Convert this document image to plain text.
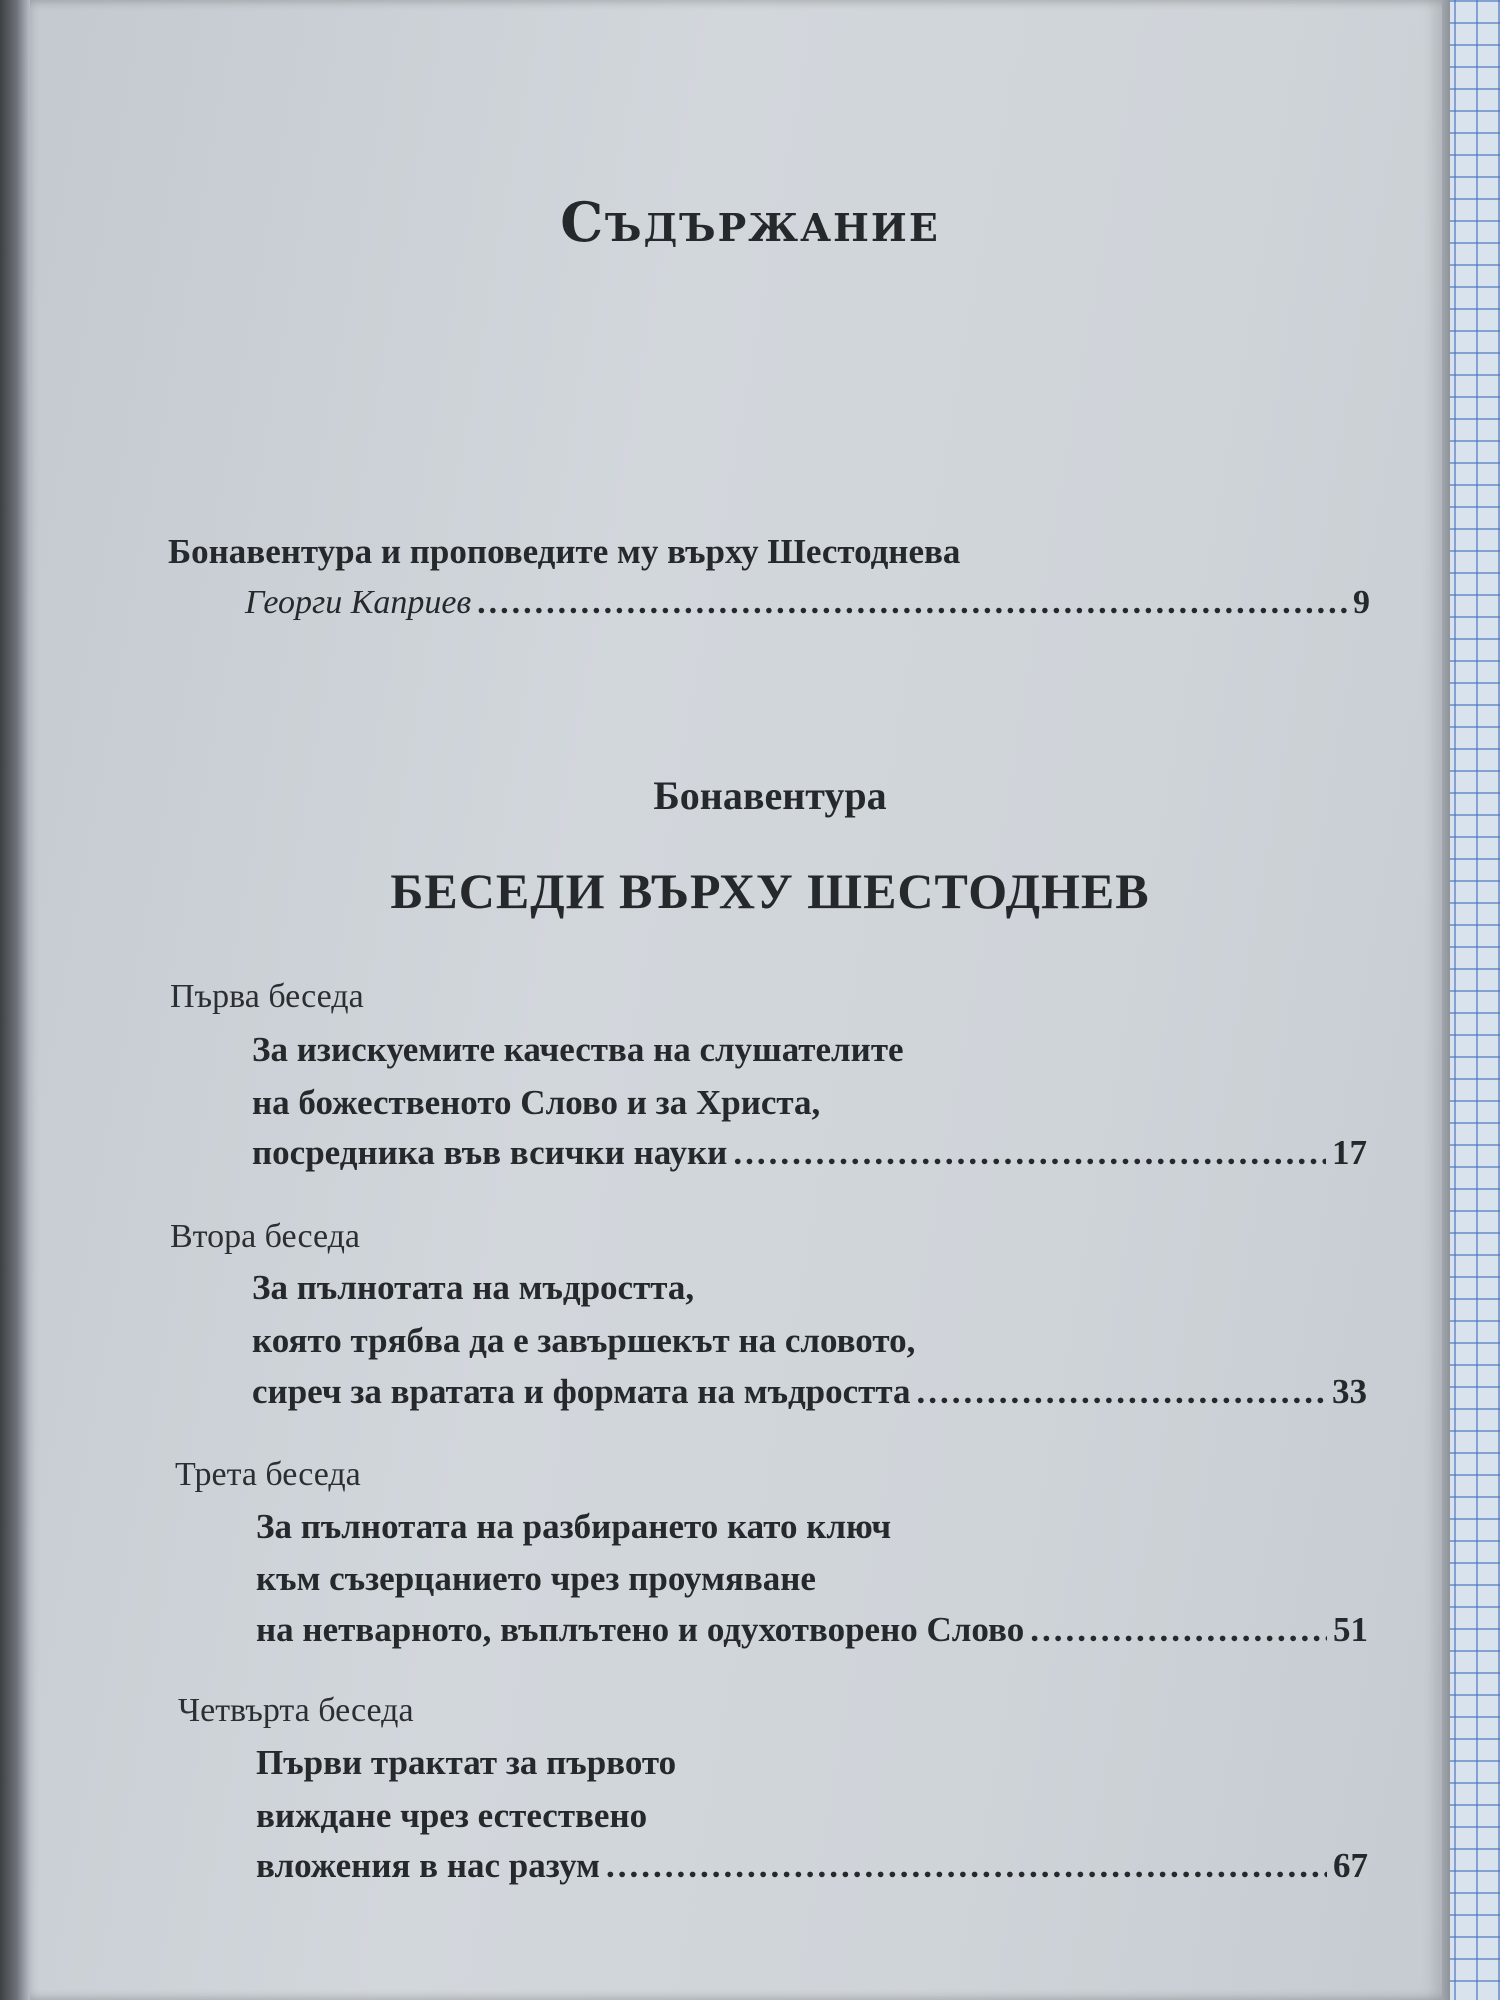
Съдържание
Бонавентура и проповедите му върху Шестоднева
Георги Каприев .....	9
Бонавентура
БЕСЕДИ ВЪРХУ ШЕСТОДНЕВ
Първа беседа
За изискуемите качества на слушателите
на божественото Слово и за Христа,
посредника във всички науки .....	17
Втора беседа
За пълнотата на мъдростта,
която трябва да е завършекът на словото,
сиреч за вратата и формата на мъдростта .....	33
Трета беседа
За пълнотата на разбирането като ключ
към съзерцанието чрез проумяване
на нетварното, въплътено и одухотворено Слово .....	51
Четвърта беседа
Първи трактат за първото
виждане чрез естествено
вложения в нас разум .....	67
